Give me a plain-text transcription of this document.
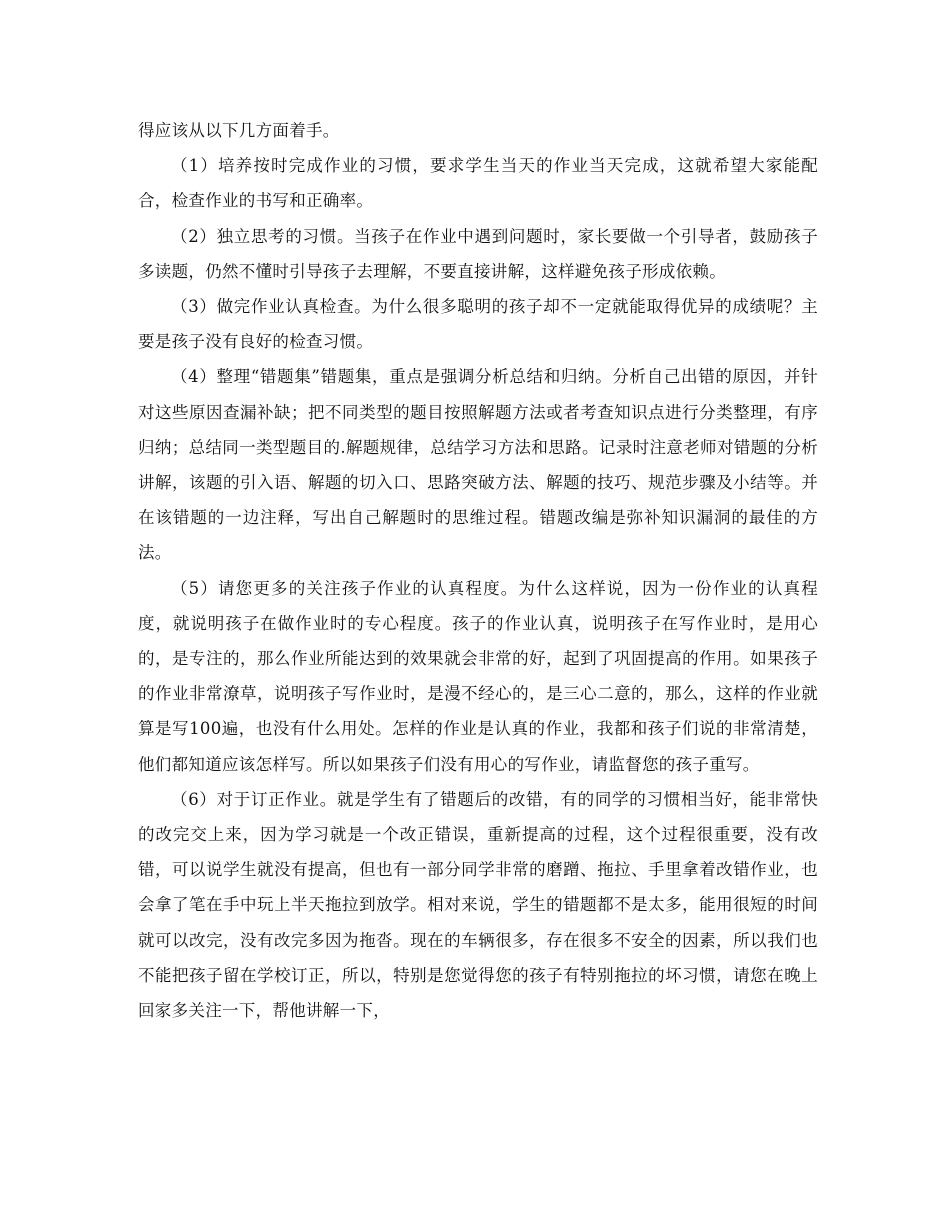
得应该从以下几方面着手。

（1）培养按时完成作业的习惯，要求学生当天的作业当天完成，这就希望大家能配合，检查作业的书写和正确率。

（2）独立思考的习惯。当孩子在作业中遇到问题时，家长要做一个引导者，鼓励孩子多读题，仍然不懂时引导孩子去理解，不要直接讲解，这样避免孩子形成依赖。

（3）做完作业认真检查。为什么很多聪明的孩子却不一定就能取得优异的成绩呢？主要是孩子没有良好的检查习惯。

（4）整理“错题集”错题集，重点是强调分析总结和归纳。分析自己出错的原因，并针对这些原因查漏补缺；把不同类型的题目按照解题方法或者考查知识点进行分类整理，有序归纳；总结同一类型题目的.解题规律，总结学习方法和思路。记录时注意老师对错题的分析讲解，该题的引入语、解题的切入口、思路突破方法、解题的技巧、规范步骤及小结等。并在该错题的一边注释，写出自己解题时的思维过程。错题改编是弥补知识漏洞的最佳的方法。

（5）请您更多的关注孩子作业的认真程度。为什么这样说，因为一份作业的认真程度，就说明孩子在做作业时的专心程度。孩子的作业认真，说明孩子在写作业时，是用心的，是专注的，那么作业所能达到的效果就会非常的好，起到了巩固提高的作用。如果孩子的作业非常潦草，说明孩子写作业时，是漫不经心的，是三心二意的，那么，这样的作业就算是写100遍，也没有什么用处。怎样的作业是认真的作业，我都和孩子们说的非常清楚，他们都知道应该怎样写。所以如果孩子们没有用心的写作业，请监督您的孩子重写。

（6）对于订正作业。就是学生有了错题后的改错，有的同学的习惯相当好，能非常快的改完交上来，因为学习就是一个改正错误，重新提高的过程，这个过程很重要，没有改错，可以说学生就没有提高，但也有一部分同学非常的磨蹭、拖拉、手里拿着改错作业，也会拿了笔在手中玩上半天拖拉到放学。相对来说，学生的错题都不是太多，能用很短的时间就可以改完，没有改完多因为拖沓。现在的车辆很多，存在很多不安全的因素，所以我们也不能把孩子留在学校订正，所以，特别是您觉得您的孩子有特别拖拉的坏习惯，请您在晚上回家多关注一下，帮他讲解一下，
